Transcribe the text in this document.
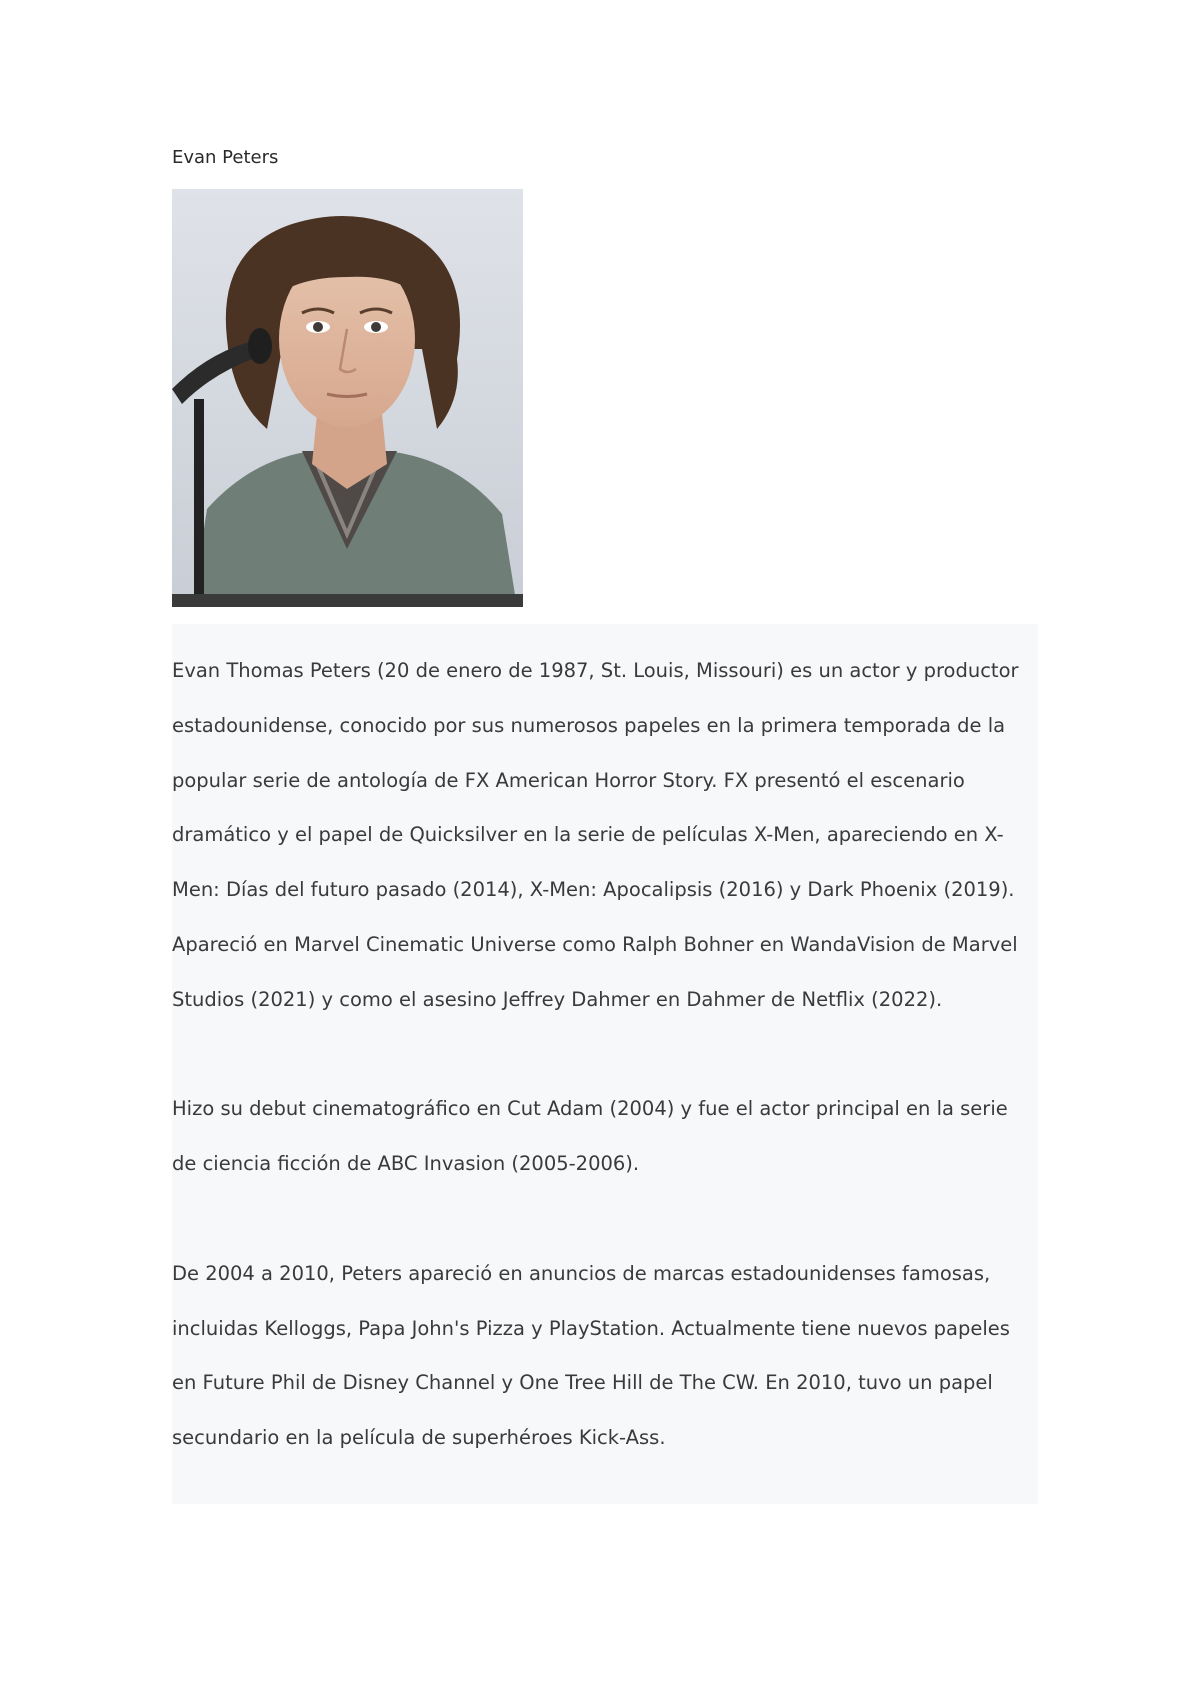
Evan Peters

Evan Thomas Peters (20 de enero de 1987, St. Louis, Missouri) es un actor y productor estadounidense, conocido por sus numerosos papeles en la primera temporada de la popular serie de antología de FX American Horror Story. FX presentó el escenario dramático y el papel de Quicksilver en la serie de películas X-Men, apareciendo en X-Men: Días del futuro pasado (2014), X-Men: Apocalipsis (2016) y Dark Phoenix (2019). Apareció en Marvel Cinematic Universe como Ralph Bohner en WandaVision de Marvel Studios (2021) y como el asesino Jeffrey Dahmer en Dahmer de Netflix (2022).

Hizo su debut cinematográfico en Cut Adam (2004) y fue el actor principal en la serie de ciencia ficción de ABC Invasion (2005-2006).

De 2004 a 2010, Peters apareció en anuncios de marcas estadounidenses famosas, incluidas Kelloggs, Papa John's Pizza y PlayStation. Actualmente tiene nuevos papeles en Future Phil de Disney Channel y One Tree Hill de The CW. En 2010, tuvo un papel secundario en la película de superhéroes Kick-Ass.
